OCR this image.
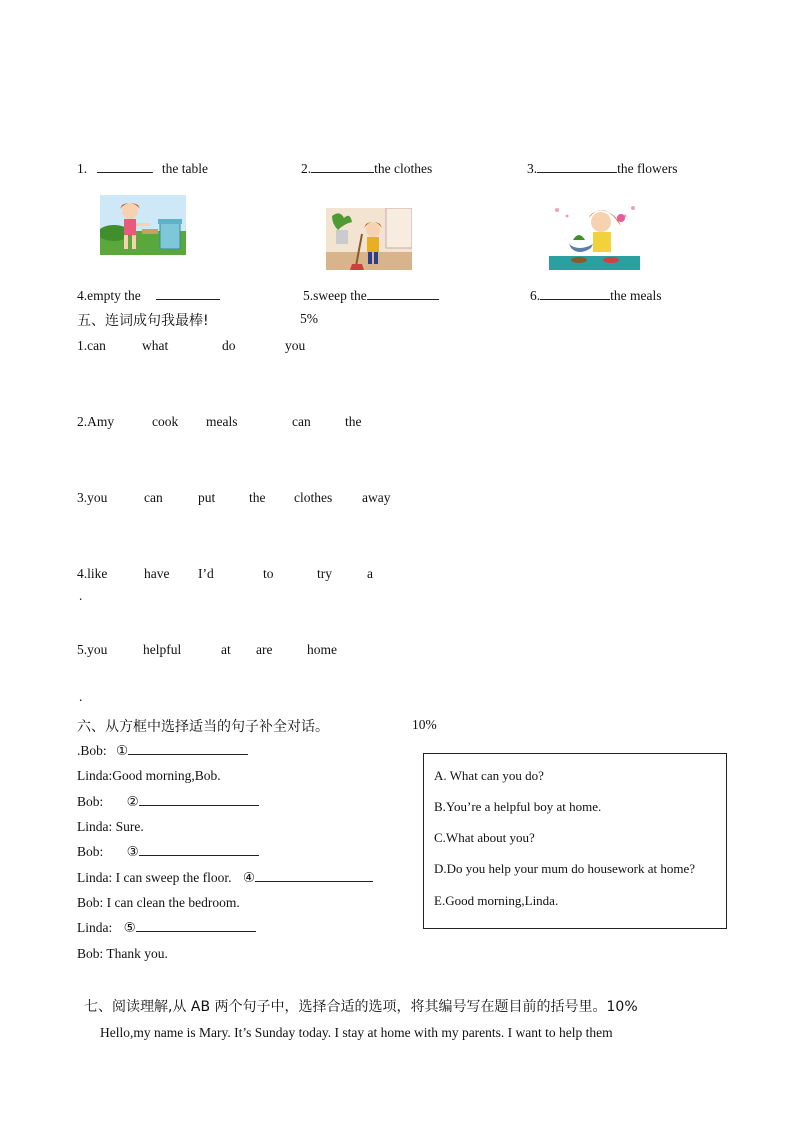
1.	the table	2.	the clothes	3.	the flowers
4.empty the	5.sweep the	6.	the meals
五、连词成句我最棒!	5%
1.can	what	do	you
2.Amy	cook meals	can	the
3.you	can	put the clothes away
4.like	have I’d	to	try	a
.
5.you	helpful	at are	home
.
六、从方框中选择适当的句子补全对话。	10%
.Bob: ①
Linda:Good morning,Bob.
Bob: ②
Linda: Sure.
Bob: ③
Linda: I can sweep the floor. ④
Bob: I can clean the bedroom.
Linda: ⑤
Bob: Thank you.
A. What can you do?
B.You’re a helpful boy at home.
C.What about you?
D.Do you help your mum do housework at home?
E.Good morning,Linda.
七、阅读理解,从 AB 两个句子中，选择合适的选项，将其编号写在题目前的括号里。10%
Hello,my name is Mary. It’s Sunday today. I stay at home with my parents. I want to help them
